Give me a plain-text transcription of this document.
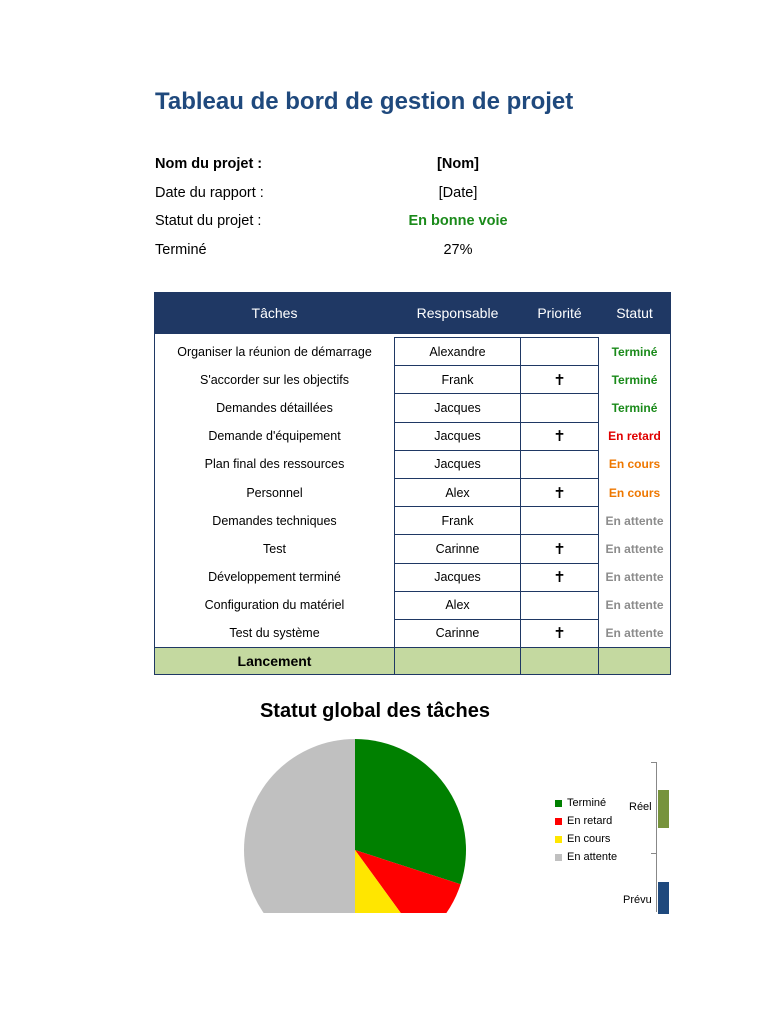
Tableau de bord de gestion de projet
Nom du projet :	[Nom]
Date du rapport :	[Date]
Statut du projet :	En bonne voie
Terminé	27%
Tâches	Responsable	Priorité	Statut

Organiser la réunion de démarrage	Alexandre		Terminé
S'accorder sur les objectifs	Frank	✝	Terminé
Demandes détaillées	Jacques		Terminé
Demande d'équipement	Jacques	✝	En retard
Plan final des ressources	Jacques		En cours
Personnel	Alex	✝	En cours
Demandes techniques	Frank		En attente
Test	Carinne	✝	En attente
Développement terminé	Jacques	✝	En attente
Configuration du matériel	Alex		En attente
Test du système	Carinne	✝	En attente
Lancement			
Statut global des tâches
Terminé
En retard
En cours
En attente
Réel
Prévu
